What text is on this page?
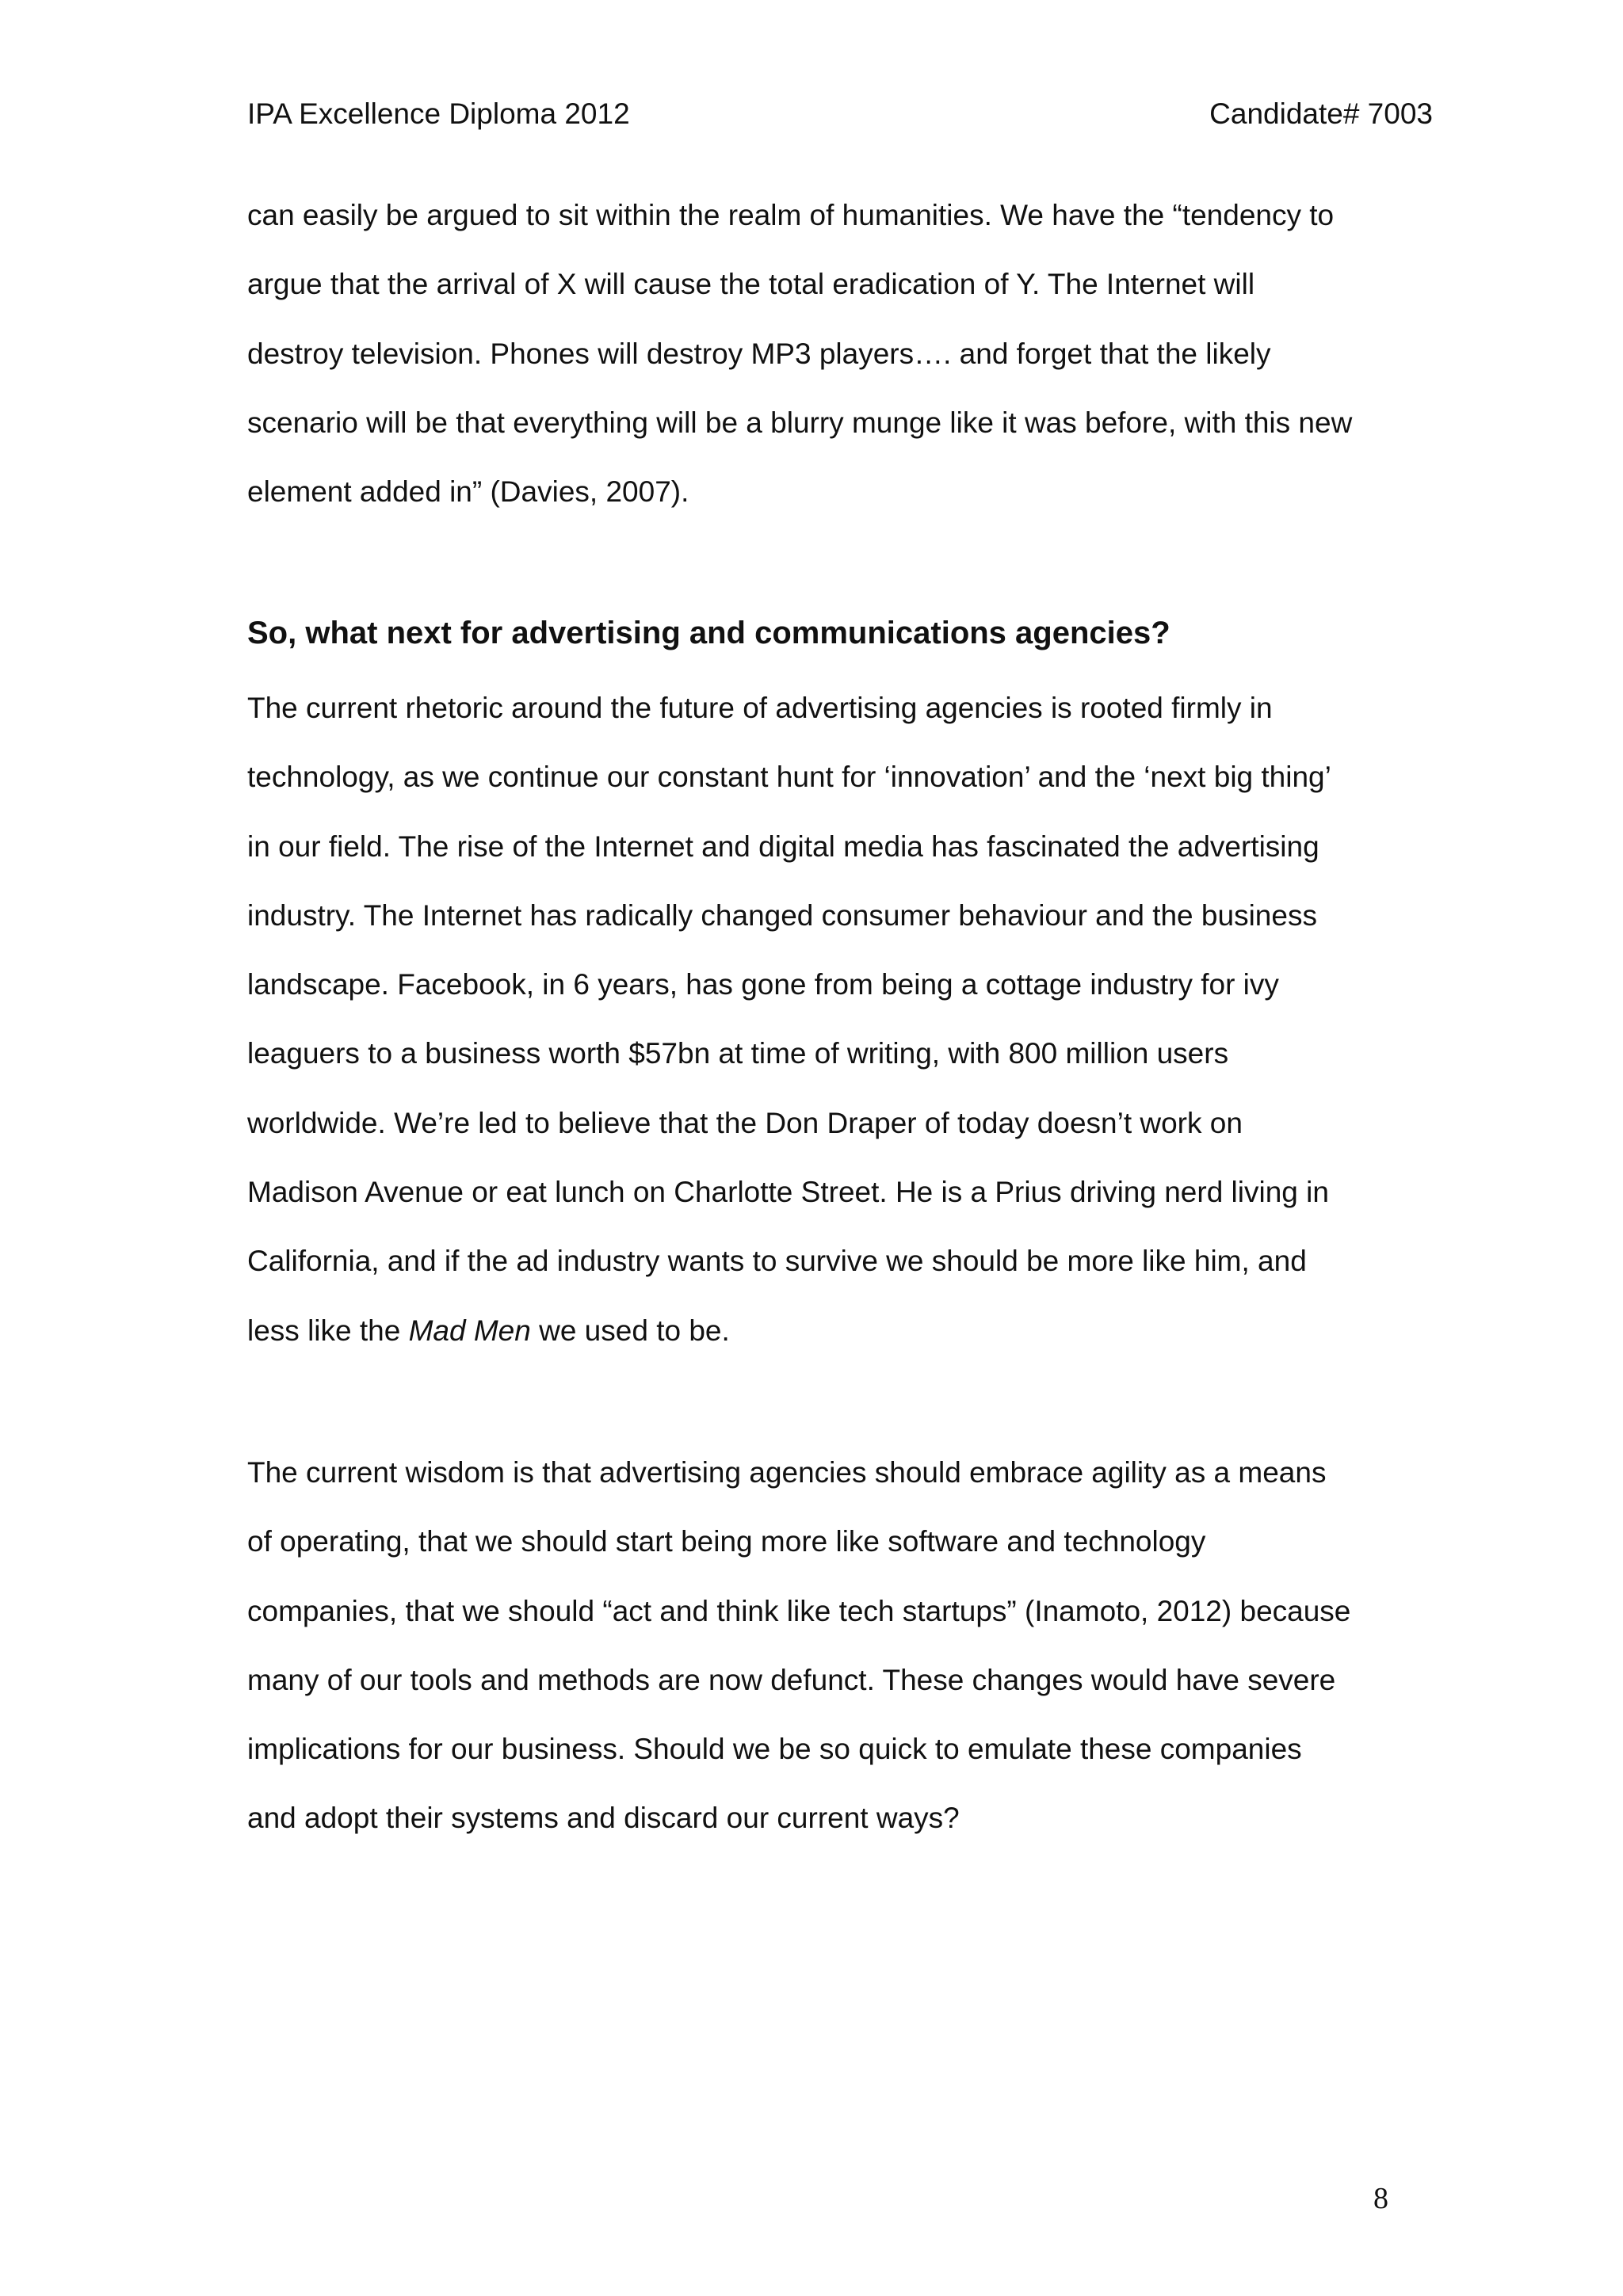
IPA Excellence Diploma 2012	Candidate# 7003
can easily be argued to sit within the realm of humanities. We have the “tendency to
argue that the arrival of X will cause the total eradication of Y. The Internet will
destroy television. Phones will destroy MP3 players…. and forget that the likely
scenario will be that everything will be a blurry munge like it was before, with this new
element added in” (Davies, 2007).
So, what next for advertising and communications agencies?
The current rhetoric around the future of advertising agencies is rooted firmly in
technology, as we continue our constant hunt for ‘innovation’ and the ‘next big thing’
in our field. The rise of the Internet and digital media has fascinated the advertising
industry. The Internet has radically changed consumer behaviour and the business
landscape. Facebook, in 6 years, has gone from being a cottage industry for ivy
leaguers to a business worth $57bn at time of writing, with 800 million users
worldwide. We’re led to believe that the Don Draper of today doesn’t work on
Madison Avenue or eat lunch on Charlotte Street. He is a Prius driving nerd living in
California, and if the ad industry wants to survive we should be more like him, and
less like the Mad Men we used to be.
The current wisdom is that advertising agencies should embrace agility as a means
of operating, that we should start being more like software and technology
companies, that we should “act and think like tech startups” (Inamoto, 2012) because
many of our tools and methods are now defunct. These changes would have severe
implications for our business. Should we be so quick to emulate these companies
and adopt their systems and discard our current ways?
8
